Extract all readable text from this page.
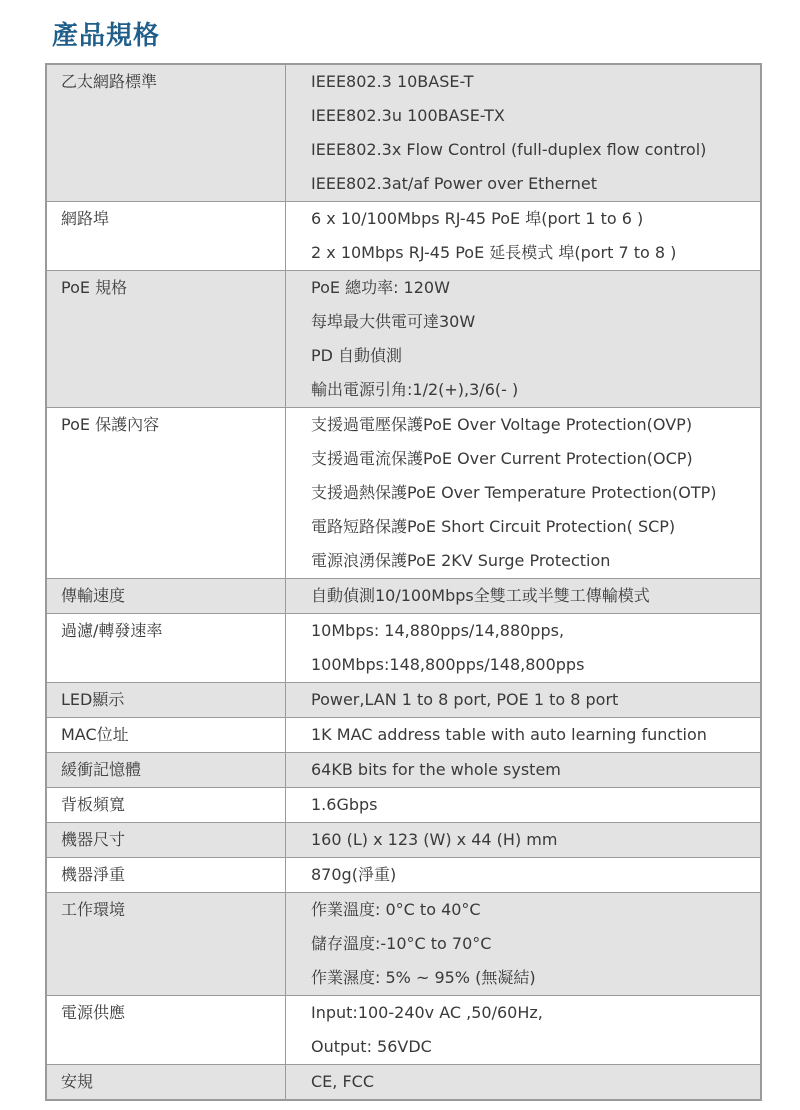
產品規格
乙太網路標準	IEEE802.3 10BASE-T
IEEE802.3u 100BASE-TX
IEEE802.3x Flow Control (full-duplex flow control)
IEEE802.3at/af Power over Ethernet

網路埠	6 x 10/100Mbps RJ-45 PoE 埠(port 1 to 6 )
2 x 10Mbps RJ-45 PoE 延長模式 埠(port 7 to 8 )

PoE 規格	PoE 總功率: 120W
每埠最大供電可達30W
PD 自動偵測
輸出電源引角:1/2(+),3/6(- )

PoE 保護內容	支援過電壓保護PoE Over Voltage Protection(OVP)
支援過電流保護PoE Over Current Protection(OCP)
支援過熱保護PoE Over Temperature Protection(OTP)
電路短路保護PoE Short Circuit Protection( SCP)
電源浪湧保護PoE 2KV Surge Protection

傳輸速度	自動偵測10/100Mbps全雙工或半雙工傳輸模式

過濾/轉發速率	10Mbps: 14,880pps/14,880pps,
100Mbps:148,800pps/148,800pps

LED顯示	Power,LAN 1 to 8 port, POE 1 to 8 port

MAC位址	1K MAC address table with auto learning function

緩衝記憶體	64KB bits for the whole system

背板頻寬	1.6Gbps

機器尺寸	160 (L) x 123 (W) x 44 (H) mm

機器淨重	870g(淨重)

工作環境	作業溫度: 0°C to 40°C
儲存溫度:-10°C to 70°C
作業濕度: 5% ~ 95% (無凝結)

電源供應	Input:100-240v AC ,50/60Hz,
Output: 56VDC

安規	CE, FCC
